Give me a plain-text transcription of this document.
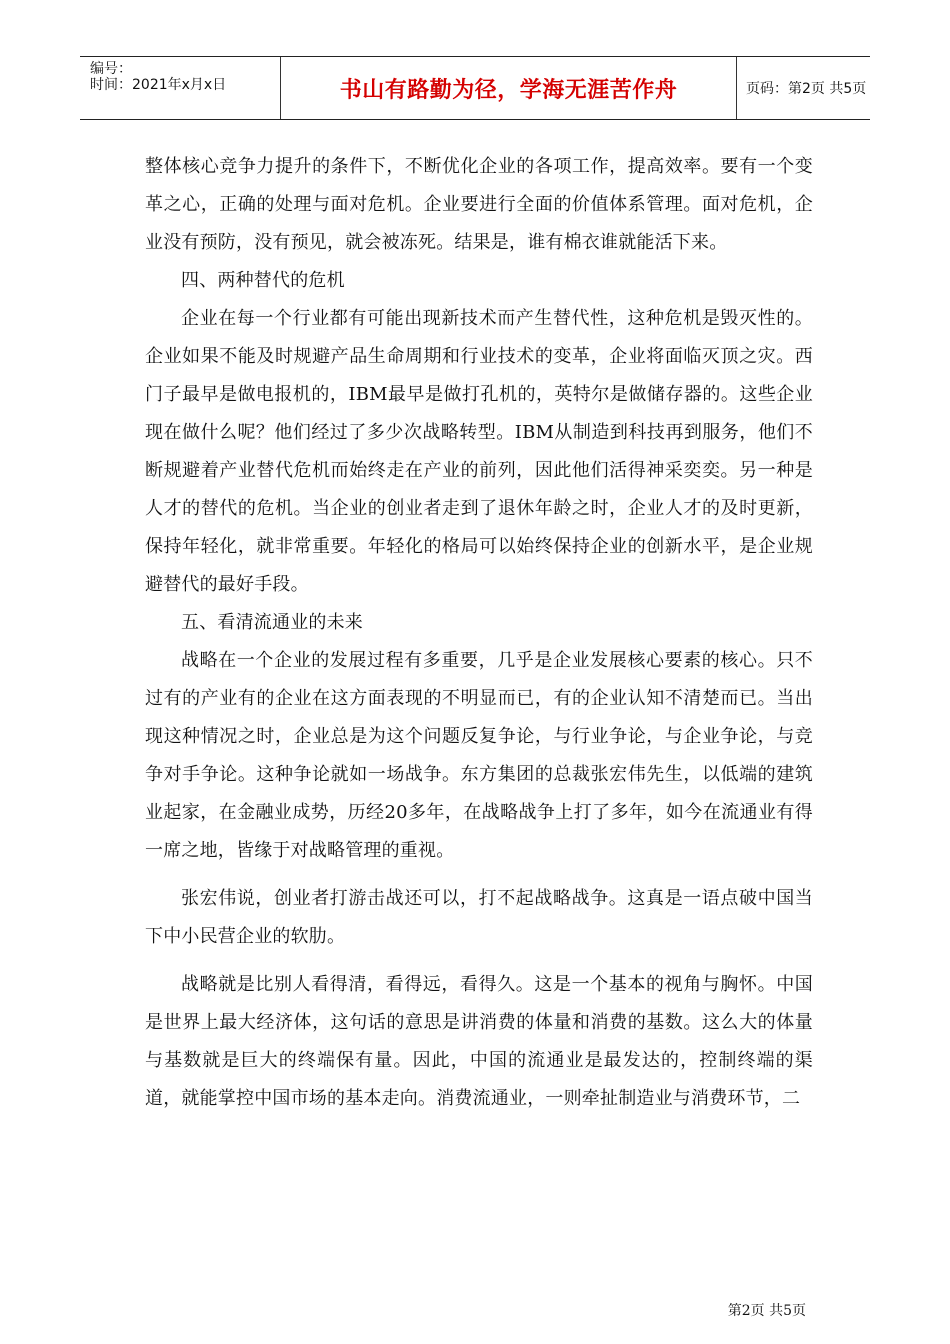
编号：
时间：2021年x月x日	书山有路勤为径，学海无涯苦作舟	页码：第2页 共5页

整体核心竞争力提升的条件下，不断优化企业的各项工作，提高效率。要有一个变革之心，正确的处理与面对危机。企业要进行全面的价值体系管理。面对危机，企业没有预防，没有预见，就会被冻死。结果是，谁有棉衣谁就能活下来。

四、两种替代的危机

企业在每一个行业都有可能出现新技术而产生替代性，这种危机是毁灭性的。企业如果不能及时规避产品生命周期和行业技术的变革，企业将面临灭顶之灾。西门子最早是做电报机的，IBM最早是做打孔机的，英特尔是做储存器的。这些企业现在做什么呢？他们经过了多少次战略转型。IBM从制造到科技再到服务，他们不断规避着产业替代危机而始终走在产业的前列，因此他们活得神采奕奕。另一种是人才的替代的危机。当企业的创业者走到了退休年龄之时，企业人才的及时更新，保持年轻化，就非常重要。年轻化的格局可以始终保持企业的创新水平，是企业规避替代的最好手段。

五、看清流通业的未来

战略在一个企业的发展过程有多重要，几乎是企业发展核心要素的核心。只不过有的产业有的企业在这方面表现的不明显而已，有的企业认知不清楚而已。当出现这种情况之时，企业总是为这个问题反复争论，与行业争论，与企业争论，与竞争对手争论。这种争论就如一场战争。东方集团的总裁张宏伟先生，以低端的建筑业起家，在金融业成势，历经20多年，在战略战争上打了多年，如今在流通业有得一席之地，皆缘于对战略管理的重视。

张宏伟说，创业者打游击战还可以，打不起战略战争。这真是一语点破中国当下中小民营企业的软肋。

战略就是比别人看得清，看得远，看得久。这是一个基本的视角与胸怀。中国是世界上最大经济体，这句话的意思是讲消费的体量和消费的基数。这么大的体量与基数就是巨大的终端保有量。因此，中国的流通业是最发达的，控制终端的渠道，就能掌控中国市场的基本走向。消费流通业，一则牵扯制造业与消费环节，二

第2页 共5页
